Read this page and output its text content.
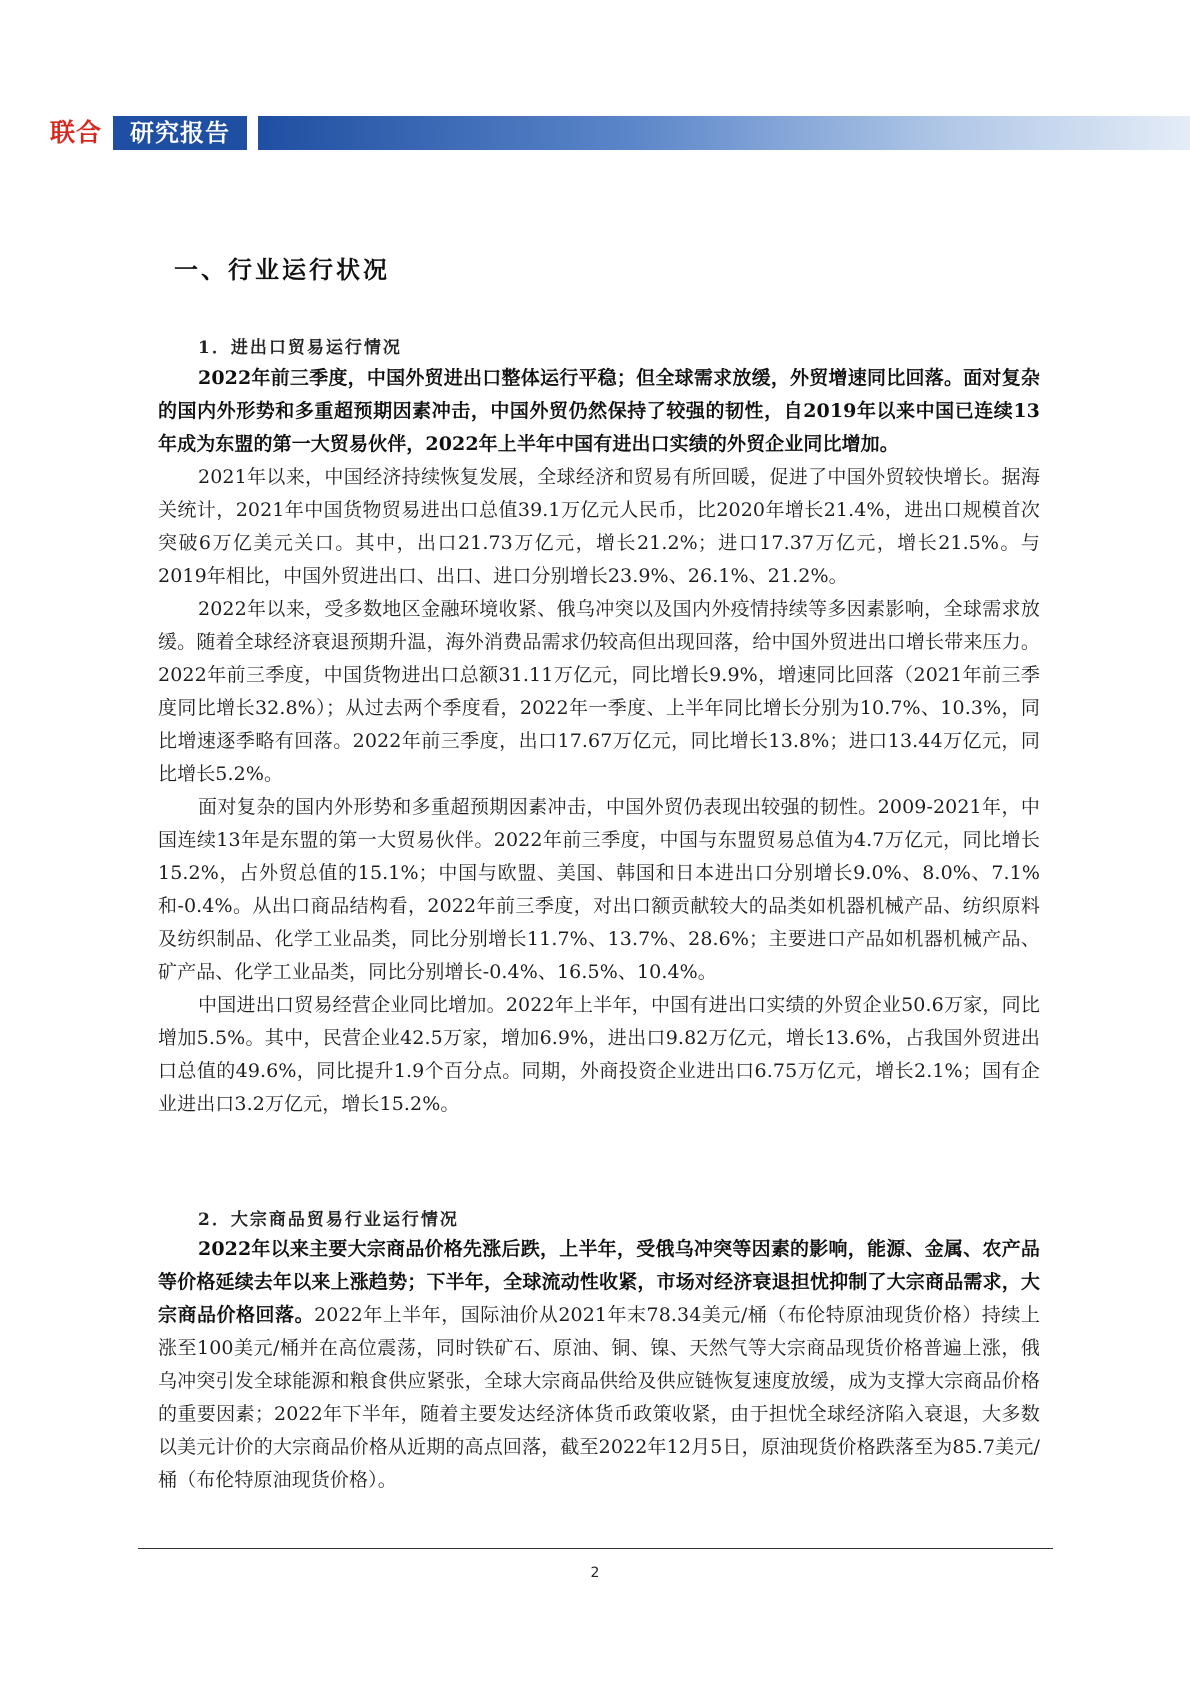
联合	研究报告
一、行业运行状况
1．进出口贸易运行情况

2022年前三季度，中国外贸进出口整体运行平稳；但全球需求放缓，外贸增速同比回落。面对复杂的国内外形势和多重超预期因素冲击，中国外贸仍然保持了较强的韧性，自2019年以来中国已连续13年成为东盟的第一大贸易伙伴，2022年上半年中国有进出口实绩的外贸企业同比增加。

2021年以来，中国经济持续恢复发展，全球经济和贸易有所回暖，促进了中国外贸较快增长。据海关统计，2021年中国货物贸易进出口总值39.1万亿元人民币，比2020年增长21.4%，进出口规模首次突破6万亿美元关口。其中，出口21.73万亿元，增长21.2%；进口17.37万亿元，增长21.5%。与2019年相比，中国外贸进出口、出口、进口分别增长23.9%、26.1%、21.2%。

2022年以来，受多数地区金融环境收紧、俄乌冲突以及国内外疫情持续等多因素影响，全球需求放缓。随着全球经济衰退预期升温，海外消费品需求仍较高但出现回落，给中国外贸进出口增长带来压力。2022年前三季度，中国货物进出口总额31.11万亿元，同比增长9.9%，增速同比回落（2021年前三季度同比增长32.8%）；从过去两个季度看，2022年一季度、上半年同比增长分别为10.7%、10.3%，同比增速逐季略有回落。2022年前三季度，出口17.67万亿元，同比增长13.8%；进口13.44万亿元，同比增长5.2%。

面对复杂的国内外形势和多重超预期因素冲击，中国外贸仍表现出较强的韧性。2009-2021年，中国连续13年是东盟的第一大贸易伙伴。2022年前三季度，中国与东盟贸易总值为4.7万亿元，同比增长15.2%，占外贸总值的15.1%；中国与欧盟、美国、韩国和日本进出口分别增长9.0%、8.0%、7.1%和-0.4%。从出口商品结构看，2022年前三季度，对出口额贡献较大的品类如机器机械产品、纺织原料及纺织制品、化学工业品类，同比分别增长11.7%、13.7%、28.6%；主要进口产品如机器机械产品、矿产品、化学工业品类，同比分别增长-0.4%、16.5%、10.4%。

中国进出口贸易经营企业同比增加。2022年上半年，中国有进出口实绩的外贸企业50.6万家，同比增加5.5%。其中，民营企业42.5万家，增加6.9%，进出口9.82万亿元，增长13.6%，占我国外贸进出口总值的49.6%，同比提升1.9个百分点。同期，外商投资企业进出口6.75万亿元，增长2.1%；国有企业进出口3.2万亿元，增长15.2%。

2．大宗商品贸易行业运行情况

2022年以来主要大宗商品价格先涨后跌，上半年，受俄乌冲突等因素的影响，能源、金属、农产品等价格延续去年以来上涨趋势；下半年，全球流动性收紧，市场对经济衰退担忧抑制了大宗商品需求，大宗商品价格回落。2022年上半年，国际油价从2021年末78.34美元/桶（布伦特原油现货价格）持续上涨至100美元/桶并在高位震荡，同时铁矿石、原油、铜、镍、天然气等大宗商品现货价格普遍上涨，俄乌冲突引发全球能源和粮食供应紧张，全球大宗商品供给及供应链恢复速度放缓，成为支撑大宗商品价格的重要因素；2022年下半年，随着主要发达经济体货币政策收紧，由于担忧全球经济陷入衰退，大多数以美元计价的大宗商品价格从近期的高点回落，截至2022年12月5日，原油现货价格跌落至为85.7美元/桶（布伦特原油现货价格）。

2
